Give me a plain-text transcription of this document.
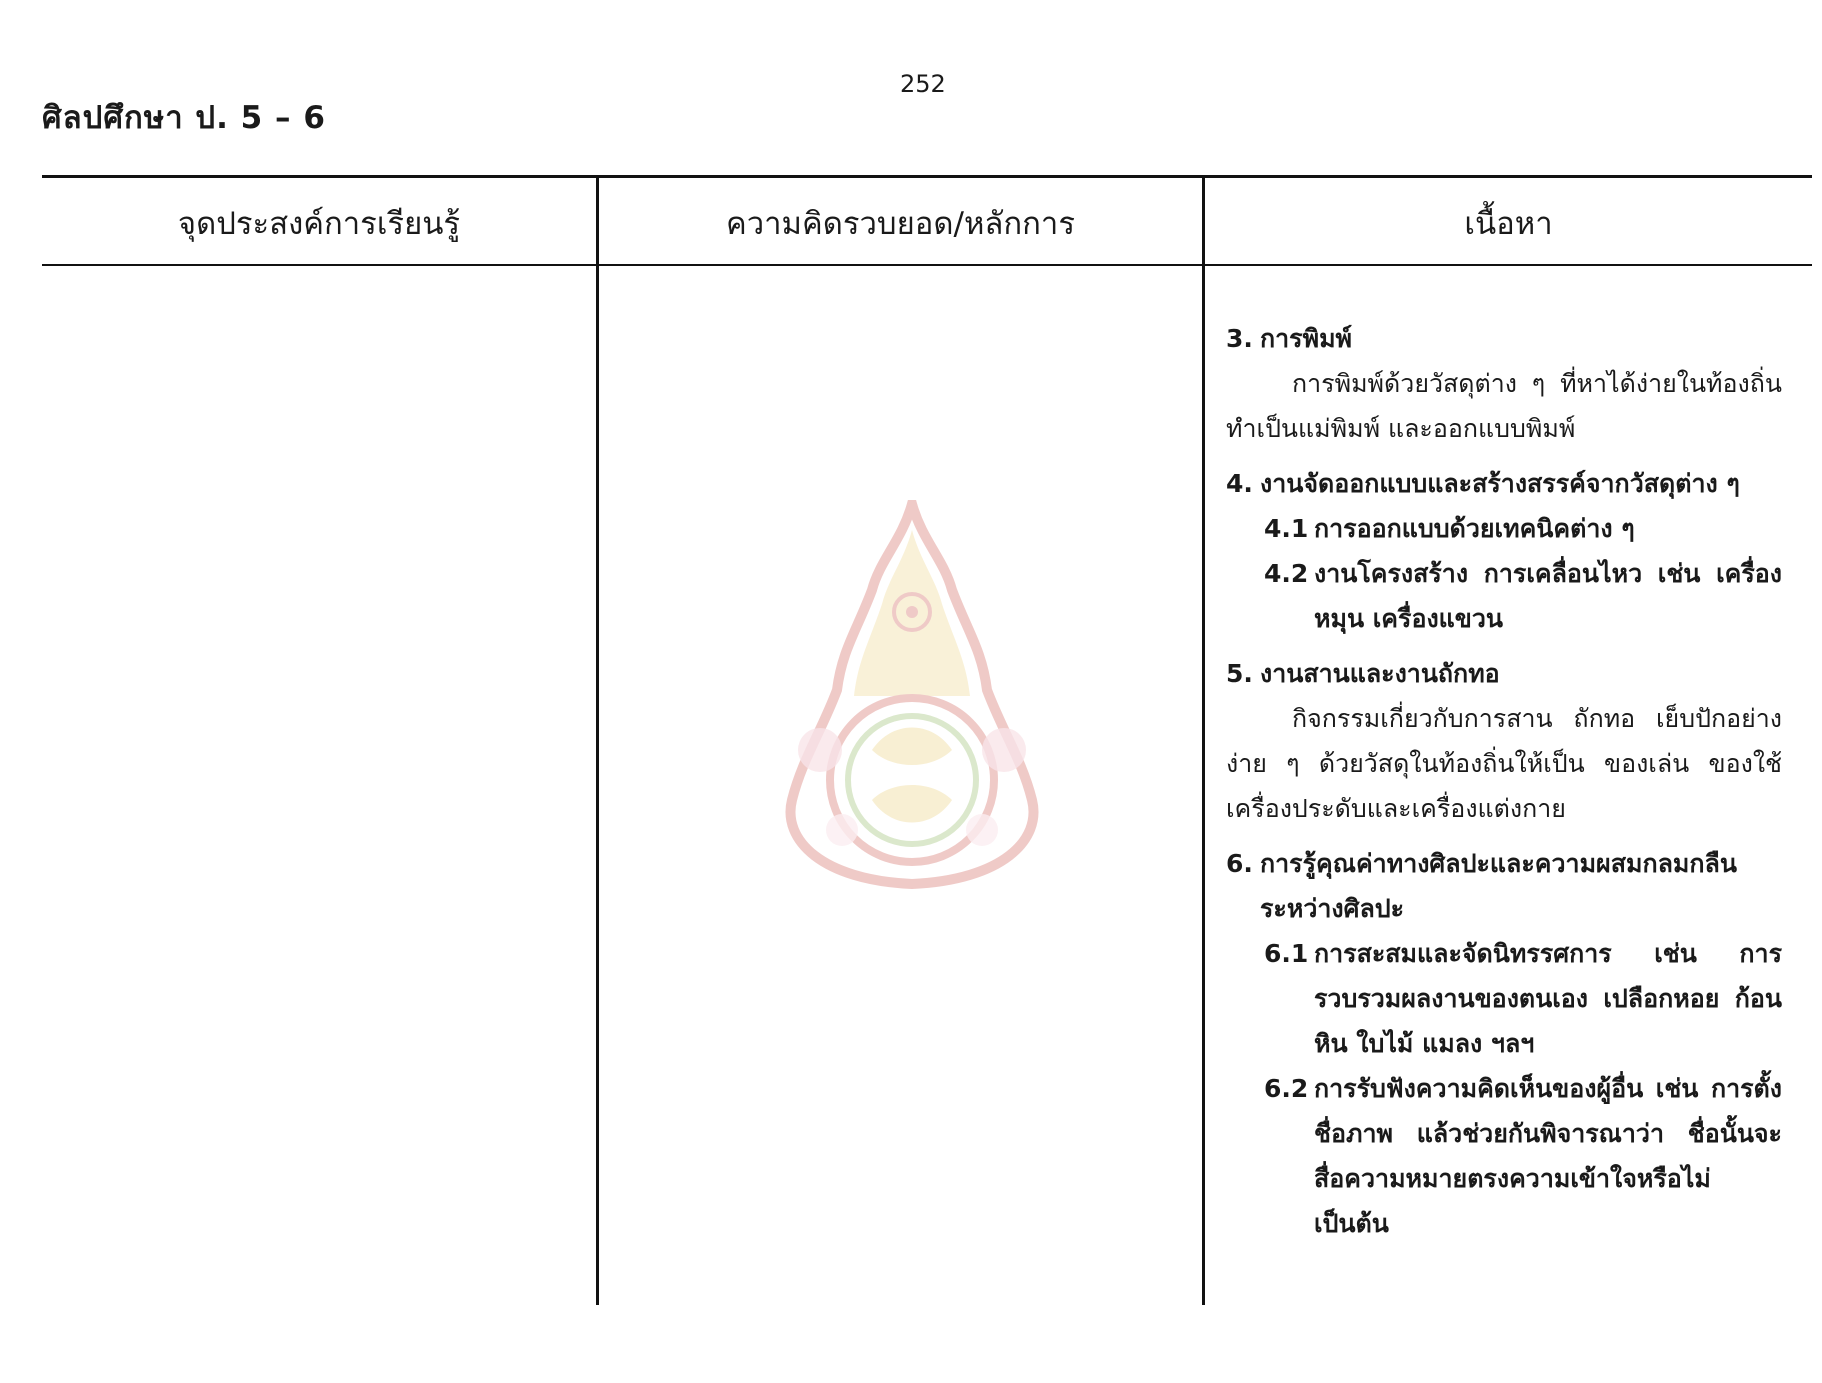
252
ศิลปศึกษา ป. 5 – 6
จุดประสงค์การเรียนรู้	ความคิดรวบยอด/หลักการ	เนื้อหา
3. การพิมพ์
การพิมพ์ด้วยวัสดุต่าง ๆ ที่หาได้ง่ายในท้องถิ่น ทำเป็นแม่พิมพ์ และออกแบบพิมพ์
4. งานจัดออกแบบและสร้างสรรค์จากวัสดุต่าง ๆ
4.1 การออกแบบด้วยเทคนิคต่าง ๆ
4.2 งานโครงสร้าง การเคลื่อนไหว เช่น เครื่องหมุน เครื่องแขวน
5. งานสานและงานถักทอ
กิจกรรมเกี่ยวกับการสาน ถักทอ เย็บปักอย่างง่าย ๆ ด้วยวัสดุในท้องถิ่นให้เป็น ของเล่น ของใช้ เครื่องประดับและเครื่องแต่งกาย
6. การรู้คุณค่าทางศิลปะและความผสมกลมกลืน
ระหว่างศิลปะ
6.1 การสะสมและจัดนิทรรศการ เช่น การรวบรวมผลงานของตนเอง เปลือกหอย ก้อนหิน ใบไม้ แมลง ฯลฯ
6.2 การรับฟังความคิดเห็นของผู้อื่น เช่น การตั้งชื่อภาพ แล้วช่วยกันพิจารณาว่า ชื่อนั้นจะสื่อความหมายตรงความเข้าใจหรือไม่ เป็นต้น
